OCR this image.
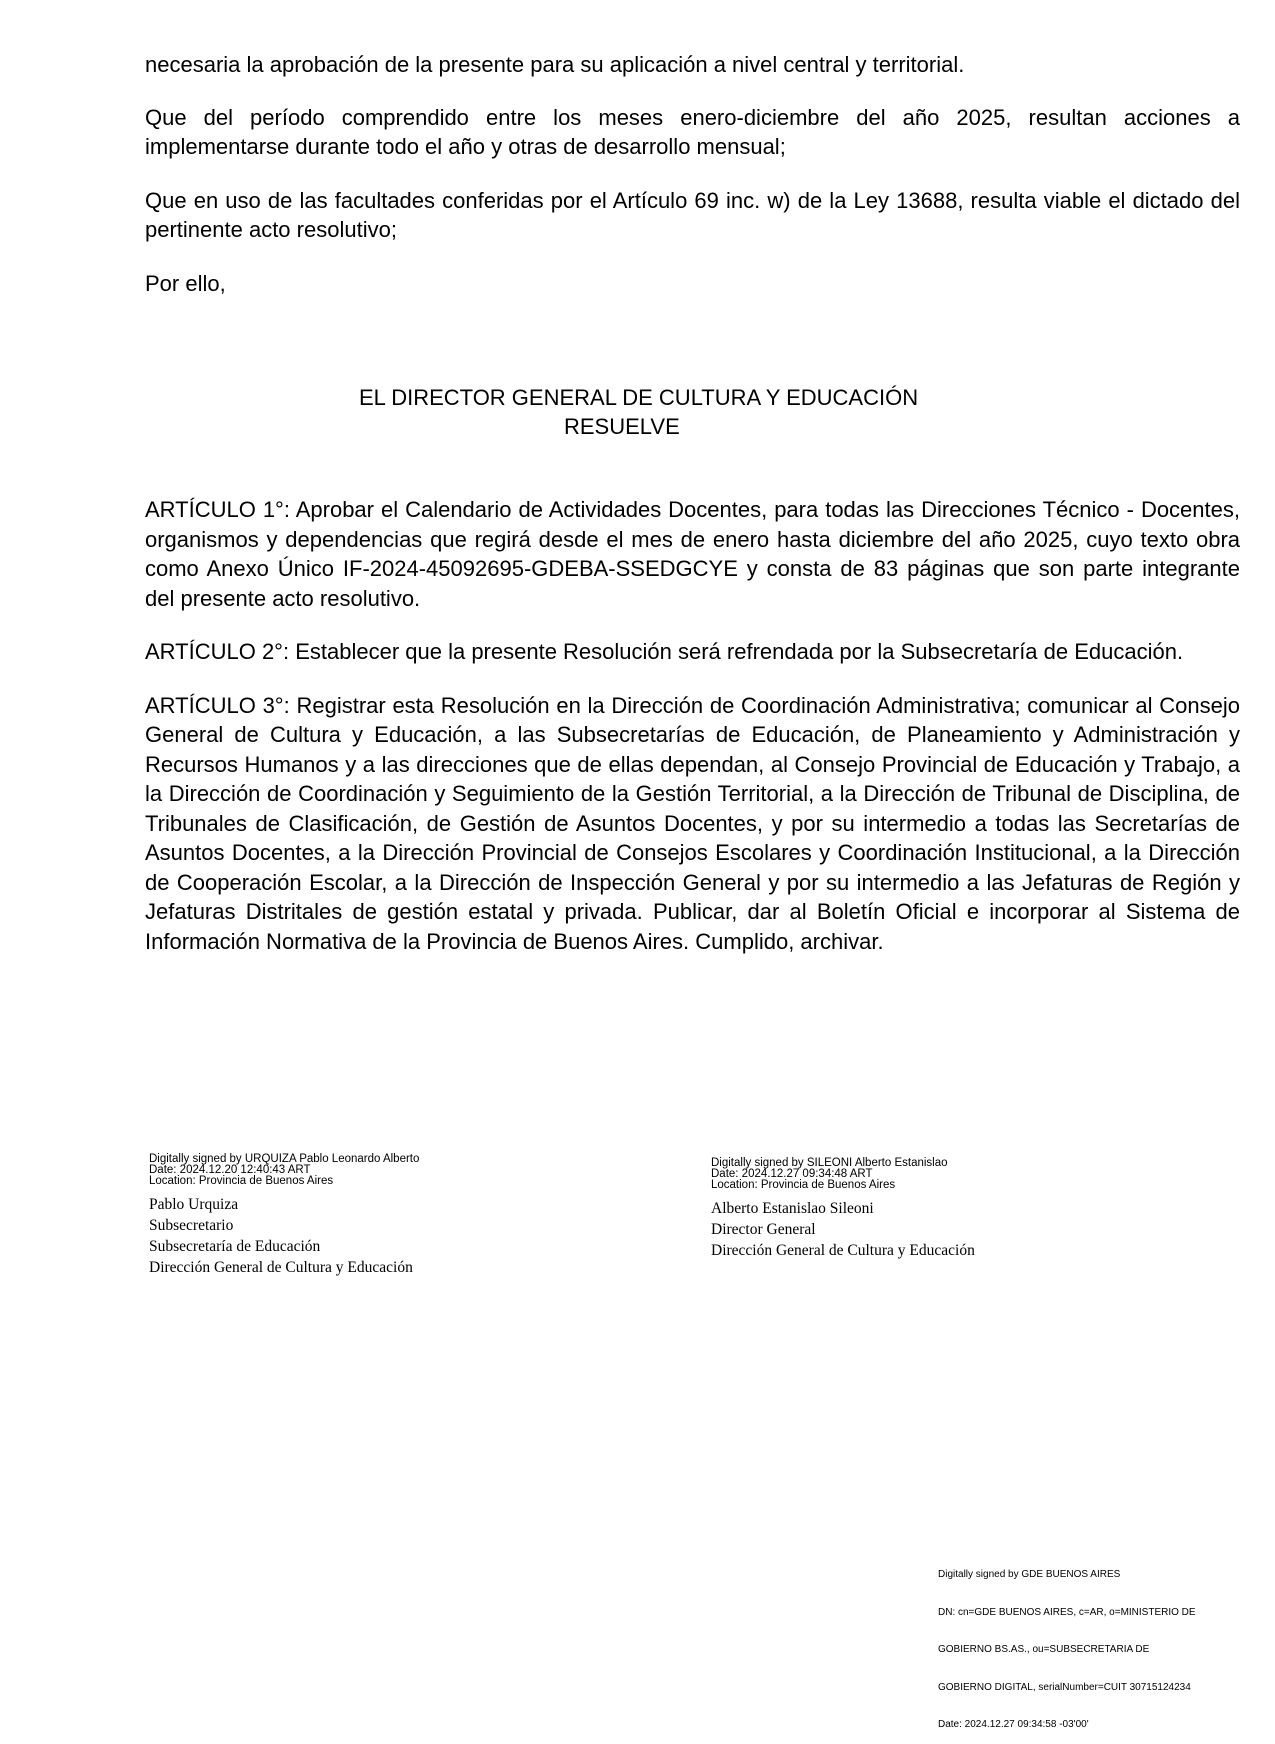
necesaria la aprobación de la presente para su aplicación a nivel central y territorial.

Que del período comprendido entre los meses enero-diciembre del año 2025, resultan acciones a implementarse durante todo el año y otras de desarrollo mensual;

Que en uso de las facultades conferidas por el Artículo 69 inc. w) de la Ley 13688, resulta viable el dictado del pertinente acto resolutivo;

Por ello,

EL DIRECTOR GENERAL DE CULTURA Y EDUCACIÓN
RESUELVE

ARTÍCULO 1°: Aprobar el Calendario de Actividades Docentes, para todas las Direcciones Técnico - Docentes, organismos y dependencias que regirá desde el mes de enero hasta diciembre del año 2025, cuyo texto obra como Anexo Único IF-2024-45092695-GDEBA-SSEDGCYE y consta de 83 páginas que son parte integrante del presente acto resolutivo.

ARTÍCULO 2°: Establecer que la presente Resolución será refrendada por la Subsecretaría de Educación.

ARTÍCULO 3°: Registrar esta Resolución en la Dirección de Coordinación Administrativa; comunicar al Consejo General de Cultura y Educación, a las Subsecretarías de Educación, de Planeamiento y Administración y Recursos Humanos y a las direcciones que de ellas dependan, al Consejo Provincial de Educación y Trabajo, a la Dirección de Coordinación y Seguimiento de la Gestión Territorial, a la Dirección de Tribunal de Disciplina, de Tribunales de Clasificación, de Gestión de Asuntos Docentes, y por su intermedio a todas las Secretarías de Asuntos Docentes, a la Dirección Provincial de Consejos Escolares y Coordinación Institucional, a la Dirección de Cooperación Escolar, a la Dirección de Inspección General y por su intermedio a las Jefaturas de Región y Jefaturas Distritales de gestión estatal y privada. Publicar, dar al Boletín Oficial e incorporar al Sistema de Información Normativa de la Provincia de Buenos Aires. Cumplido, archivar.

Digitally signed by URQUIZA Pablo Leonardo Alberto
Date: 2024.12.20 12:40:43 ART
Location: Provincia de Buenos Aires
Pablo Urquiza
Subsecretario
Subsecretaría de Educación
Dirección General de Cultura y Educación
Digitally signed by SILEONI Alberto Estanislao
Date: 2024.12.27 09:34:48 ART
Location: Provincia de Buenos Aires
Alberto Estanislao Sileoni
Director General
Dirección General de Cultura y Educación

Digitally signed by GDE BUENOS AIRES

DN: cn=GDE BUENOS AIRES, c=AR, o=MINISTERIO DE

GOBIERNO BS.AS., ou=SUBSECRETARIA DE

GOBIERNO DIGITAL, serialNumber=CUIT 30715124234

Date: 2024.12.27 09:34:58 -03'00'
